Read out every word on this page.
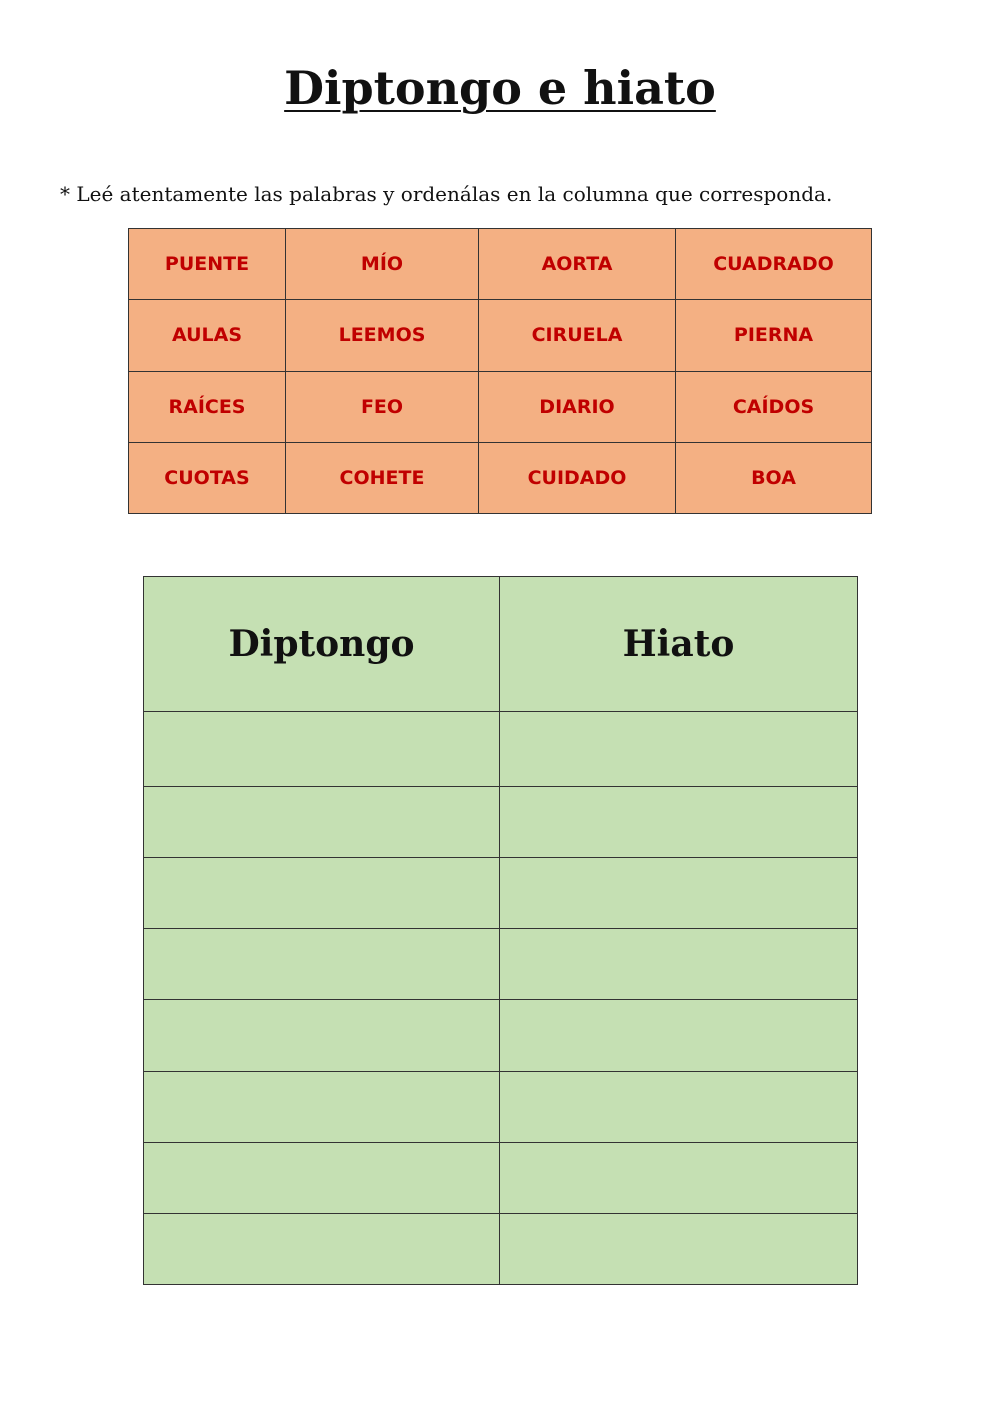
Diptongo e hiato

* Leé atentamente las palabras y ordenálas en la columna que corresponda.

PUENTE	MÍO	AORTA	CUADRADO
AULAS	LEEMOS	CIRUELA	PIERNA
RAÍCES	FEO	DIARIO	CAÍDOS
CUOTAS	COHETE	CUIDADO	BOA
Diptongo	Hiato
